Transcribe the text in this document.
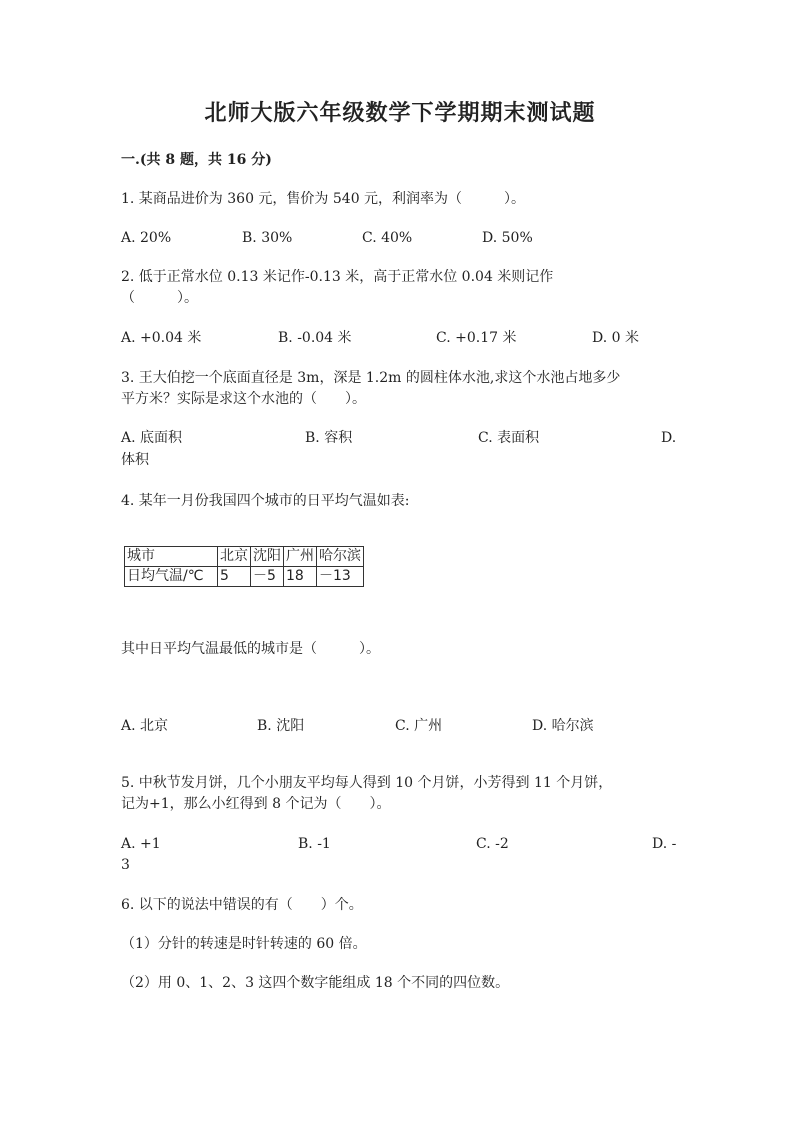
北师大版六年级数学下学期期末测试题
一.(共 8 题，共 16 分)
1. 某商品进价为 360 元，售价为 540 元，利润率为（　　　）。
A. 20%	B. 30%	C. 40%	D. 50%
2. 低于正常水位 0.13 米记作-0.13 米，高于正常水位 0.04 米则记作
（　　　）。
A. +0.04 米	B. -0.04 米	C. +0.17 米	D. 0 米
3. 王大伯挖一个底面直径是 3m，深是 1.2m 的圆柱体水池,求这个水池占地多少
平方米？实际是求这个水池的（　　）。
A. 底面积	B. 容积	C. 表面积	D.
体积
4. 某年一月份我国四个城市的日平均气温如表:
城市	北京	沈阳	广州	哈尔滨
日均气温/℃	5	－5	18	－13
其中日平均气温最低的城市是（　　　）。
A. 北京	B. 沈阳	C. 广州	D. 哈尔滨
5. 中秋节发月饼，几个小朋友平均每人得到 10 个月饼，小芳得到 11 个月饼，
记为+1，那么小红得到 8 个记为（　　）。
A. +1	B. -1	C. -2	D. -
3
6. 以下的说法中错误的有（　　）个。
（1）分针的转速是时针转速的 60 倍。
（2）用 0、1、2、3 这四个数字能组成 18 个不同的四位数。
